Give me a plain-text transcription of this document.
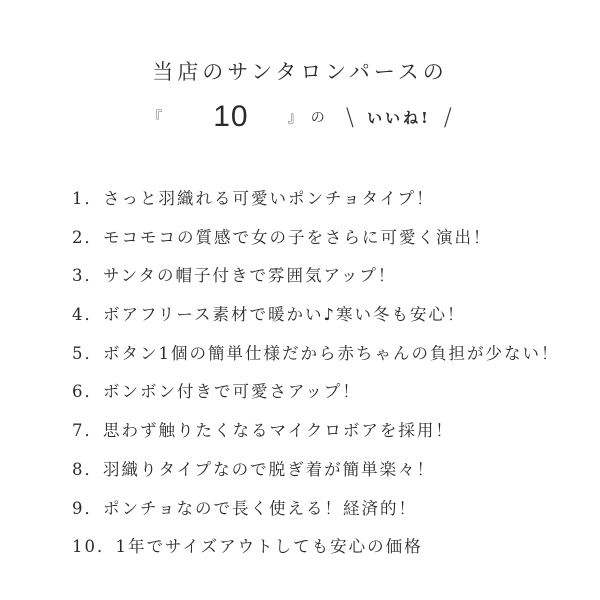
当店のサンタロンパースの
『 10	』 の \ いいね! /
1．さっと羽織れる可愛いポンチョタイプ！
2．モコモコの質感で女の子をさらに可愛く演出！
3．サンタの帽子付きで雰囲気アップ！
4．ボアフリース素材で暖かい♪寒い冬も安心！
5．ボタン1個の簡単仕様だから赤ちゃんの負担が少ない！
6．ボンボン付きで可愛さアップ！
7．思わず触りたくなるマイクロボアを採用！
8．羽織りタイプなので脱ぎ着が簡単楽々！
9．ポンチョなので長く使える！経済的！
10．1年でサイズアウトしても安心の価格
